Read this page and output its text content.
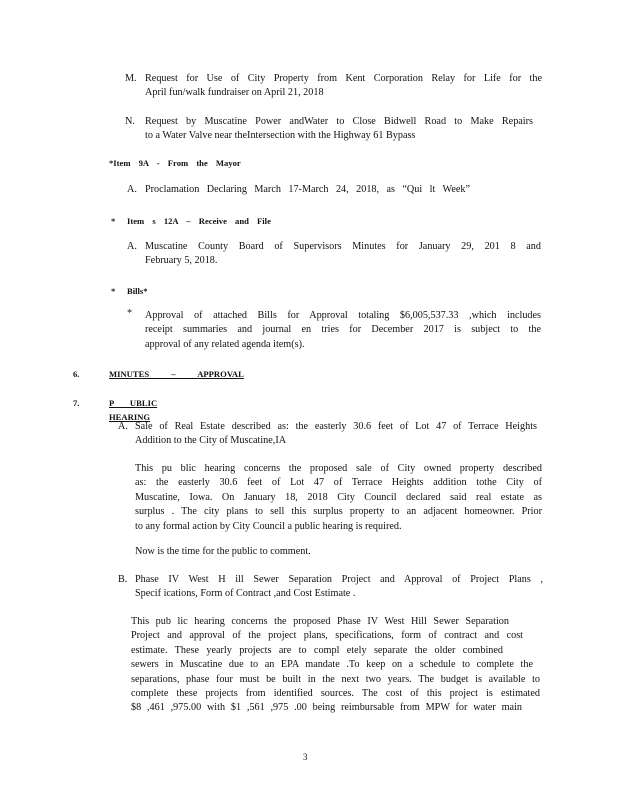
M. Request for Use of City Property from Kent Corporation Relay for Life for the
April fun/walk fundraiser on April 21, 2018
N. Request by Muscatine Power andWater to Close Bidwell Road to Make Repairs
to a Water Valve near theIntersection with the Highway 61 Bypass
*Item 9A - From the Mayor
A. Proclamation Declaring March 17-March 24, 2018, as “Qui lt Week”
* Item s 12A – Receive and File
A. Muscatine County Board of Supervisors Minutes for January 29, 201 8 and
February 5, 2018.
* Bills*
* Approval of attached Bills for Approval totaling $6,005,537.33 ,which includes
receipt summaries and journal en tries for December 2017 is subject to the
approval of any related agenda item(s).
6.	MINUTES – APPROVAL
7.	P UBLIC HEARING
A. Sale of Real Estate described as: the easterly 30.6 feet of Lot 47 of Terrace Heights
Addition to the City of Muscatine,IA
This pu blic hearing concerns the proposed sale of City owned property described
as: the easterly 30.6 feet of Lot 47 of Terrace Heights addition tothe City of
Muscatine, Iowa. On January 18, 2018 City Council declared said real estate as
surplus . The city plans to sell this surplus property to an adjacent homeowner. Prior
to any formal action by City Council a public hearing is required.
Now is the time for the public to comment.
B. Phase IV West H ill Sewer Separation Project and Approval of Project Plans ,
Specif ications, Form of Contract ,and Cost Estimate .
This pub lic hearing concerns the proposed Phase IV West Hill Sewer Separation
Project and approval of the project plans, specifications, form of contract and cost
estimate. These yearly projects are to compl etely separate the older combined
sewers in Muscatine due to an EPA mandate .To keep on a schedule to complete the
separations, phase four must be built in the next two years. The budget is available to
complete these projects from identified sources. The cost of this project is estimated
$8 ,461 ,975.00 with $1 ,561 ,975 .00 being reimbursable from MPW for water main
3
